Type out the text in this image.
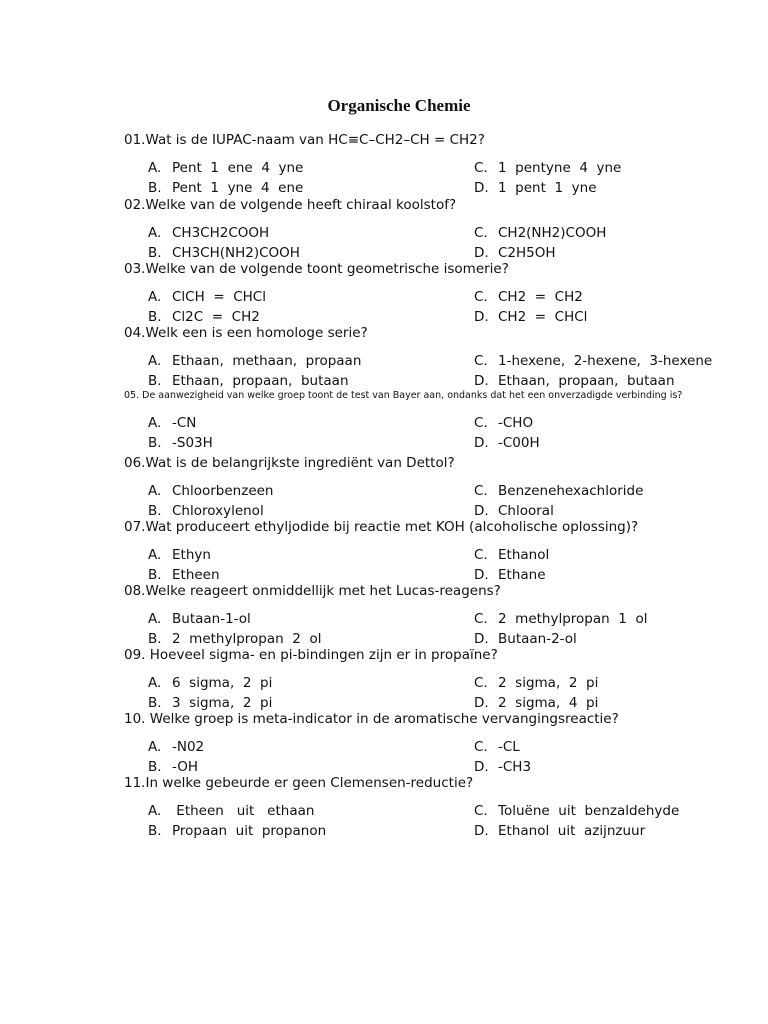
Organische Chemie
01.Wat is de IUPAC-naam van HC≡C–CH2–CH = CH2?
A. Pent  1  ene  4  yne
B. Pent  1  yne  4  ene
C. 1  pentyne  4  yne
D. 1  pent  1  yne
02.Welke van de volgende heeft chiraal koolstof?
A. CH3CH2COOH
B. CH3CH(NH2)COOH
C. CH2(NH2)COOH
D. C2H5OH
03.Welke van de volgende toont geometrische isomerie?
A. ClCH  =  CHCl
B. Cl2C  =  CH2
C. CH2  =  CH2
D. CH2  =  CHCl
04.Welk een is een homologe serie?
A. Ethaan,  methaan,  propaan
B. Ethaan,  propaan,  butaan
C. 1-hexene,  2-hexene,  3-hexene
D. Ethaan,  propaan,  butaan
05. De aanwezigheid van welke groep toont de test van Bayer aan, ondanks dat het een onverzadigde verbinding is?
A. -CN
B. -S03H
C. -CHO
D. -C00H
06.Wat is de belangrijkste ingrediënt van Dettol?
A. Chloorbenzeen
B. Chloroxylenol
C. Benzenehexachloride
D. Chlooral
07.Wat produceert ethyljodide bij reactie met KOH (alcoholische oplossing)?
A. Ethyn
B. Etheen
C. Ethanol
D. Ethane
08.Welke reageert onmiddellijk met het Lucas-reagens?
A. Butaan-1-ol
B. 2  methylpropan  2  ol
C. 2  methylpropan  1  ol
D. Butaan-2-ol
09. Hoeveel sigma- en pi-bindingen zijn er in propaïne?
A. 6  sigma,  2  pi
B. 3  sigma,  2  pi
C. 2  sigma,  2  pi
D. 2  sigma,  4  pi
10. Welke groep is meta-indicator in de aromatische vervangingsreactie?
A. -N02
B. -OH
C. -CL
D. -CH3
11.In welke gebeurde er geen Clemensen-reductie?
A. Etheen   uit   ethaan
B. Propaan  uit  propanon
C. Toluëne  uit  benzaldehyde
D. Ethanol  uit  azijnzuur
